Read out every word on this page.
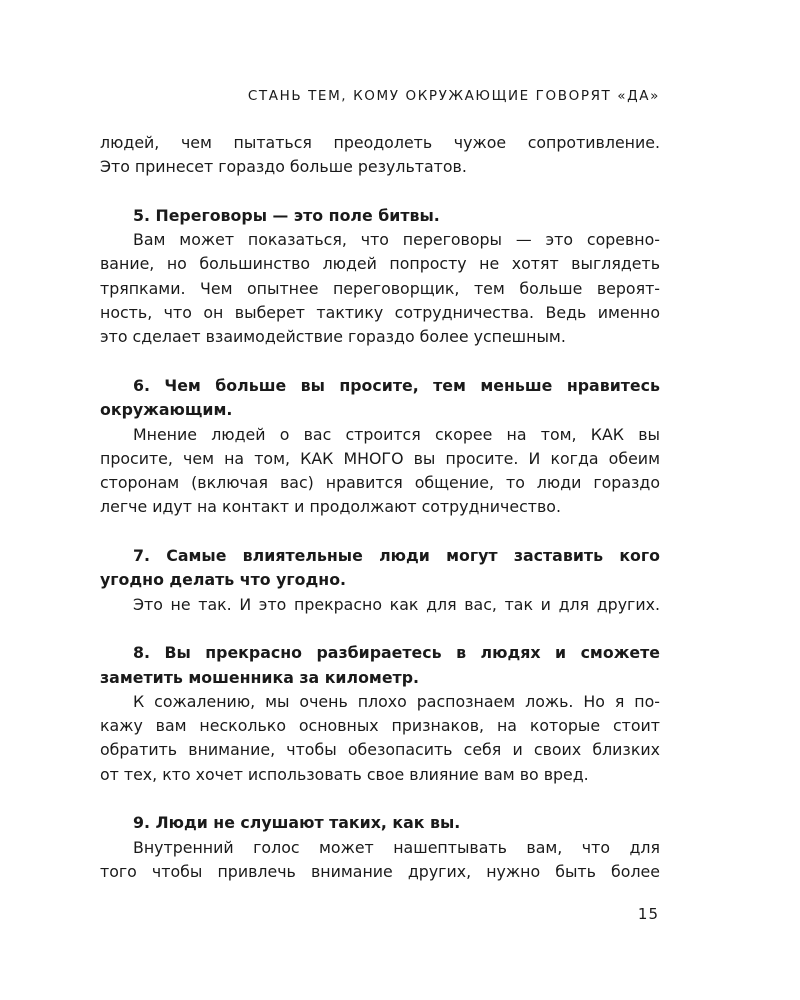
СТАНЬ ТЕМ, КОМУ ОКРУЖАЮЩИЕ ГОВОРЯТ «ДА»
людей, чем пытаться преодолеть чужое сопротивление.
Это принесет гораздо больше результатов.
5. Переговоры — это поле битвы.
Вам может показаться, что переговоры — это соревно-
вание, но большинство людей попросту не хотят выглядеть
тряпками. Чем опытнее переговорщик, тем больше вероят-
ность, что он выберет тактику сотрудничества. Ведь именно
это сделает взаимодействие гораздо более успешным.
6. Чем больше вы просите, тем меньше нравитесь
окружающим.
Мнение людей о вас строится скорее на том, КАК вы
просите, чем на том, КАК МНОГО вы просите. И когда обеим
сторонам (включая вас) нравится общение, то люди гораздо
легче идут на контакт и продолжают сотрудничество.
7. Самые влиятельные люди могут заставить кого
угодно делать что угодно.
Это не так. И это прекрасно как для вас, так и для других.
8. Вы прекрасно разбираетесь в людях и сможете
заметить мошенника за километр.
К сожалению, мы очень плохо распознаем ложь. Но я по-
кажу вам несколько основных признаков, на которые стоит
обратить внимание, чтобы обезопасить себя и своих близких
от тех, кто хочет использовать свое влияние вам во вред.
9. Люди не слушают таких, как вы.
Внутренний голос может нашептывать вам, что для
того чтобы привлечь внимание других, нужно быть более
15
